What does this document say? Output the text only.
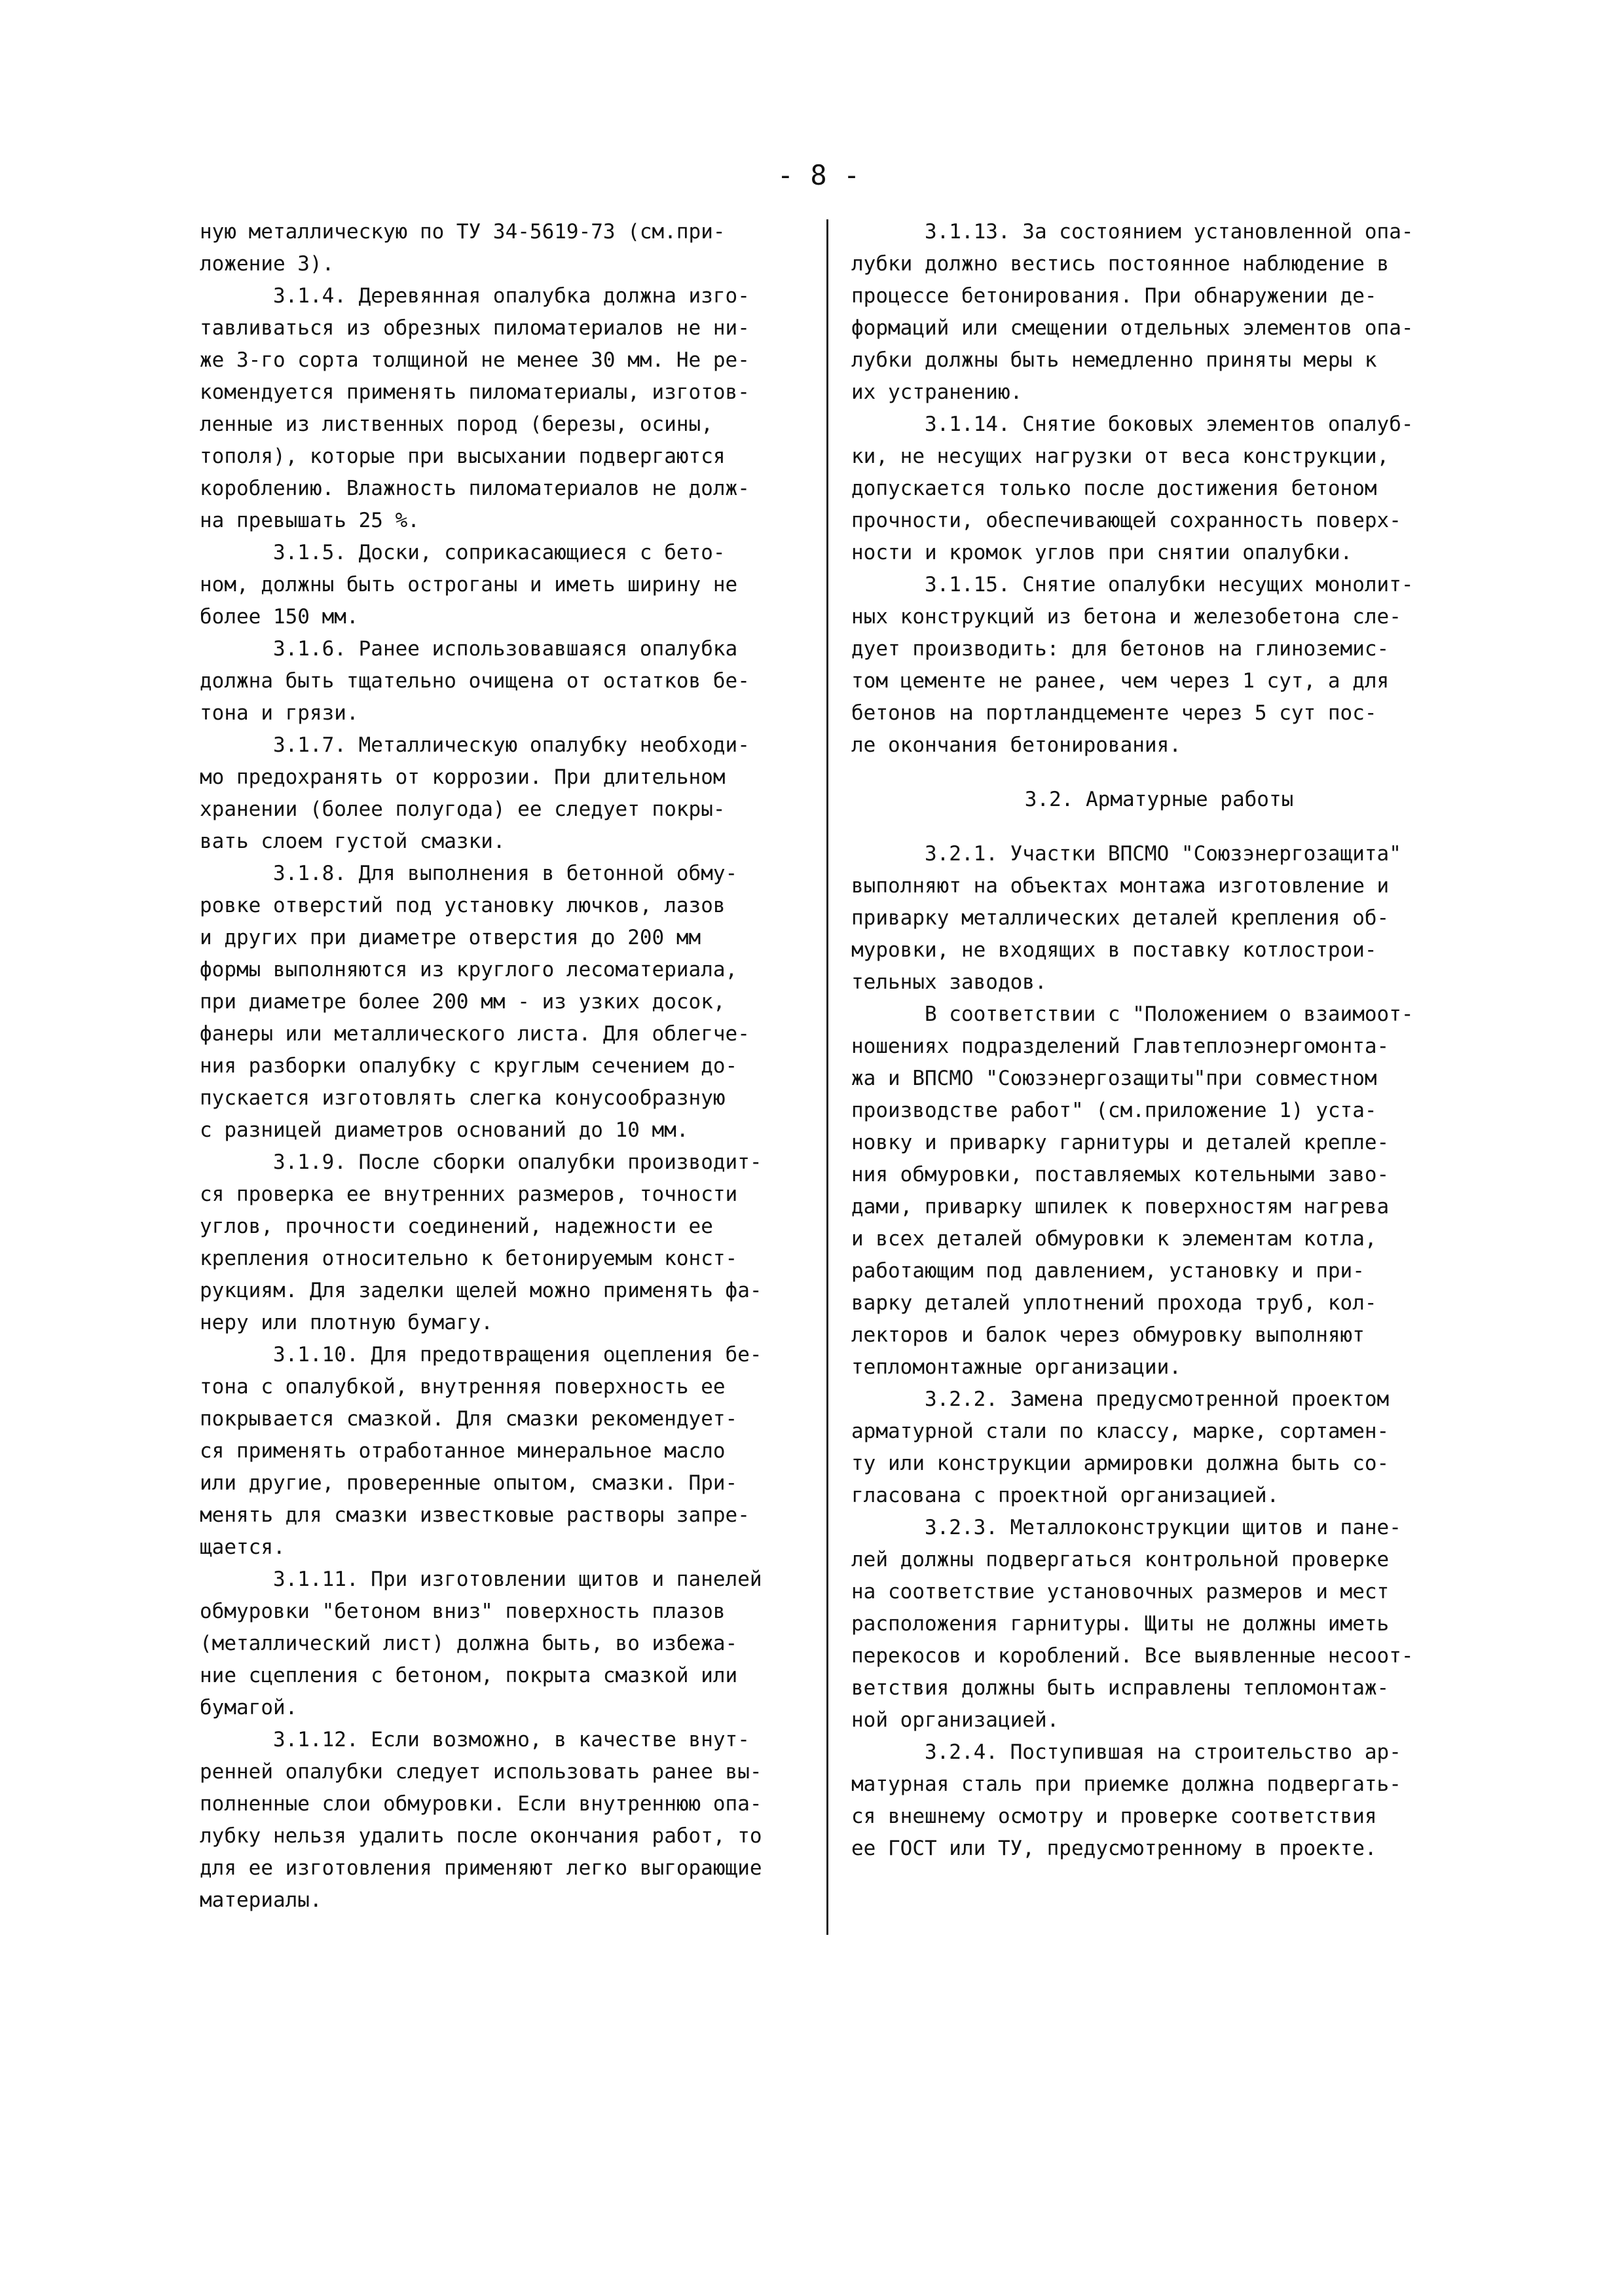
- 8 -

ную металлическую по ТУ 34-5619-73 (см.при-
ложение 3).

3.1.4. Деревянная опалубка должна изго-
тавливаться из обрезных пиломатериалов не ни-
же 3-го сорта толщиной не менее 30 мм. Не ре-
комендуется применять пиломатериалы, изготов-
ленные из лиственных пород (березы, осины,
тополя), которые при высыхании подвергаются
короблению. Влажность пиломатериалов не долж-
на превышать 25 %.

3.1.5. Доски, соприкасающиеся с бето-
ном, должны быть остроганы и иметь ширину не
более 150 мм.

3.1.6. Ранее использовавшаяся опалубка
должна быть тщательно очищена от остатков бе-
тона и грязи.

3.1.7. Металлическую опалубку необходи-
мо предохранять от коррозии. При длительном
хранении (более полугода) ее следует покры-
вать слоем густой смазки.

3.1.8. Для выполнения в бетонной обму-
ровке отверстий под установку лючков, лазов
и других при диаметре отверстия до 200 мм
формы выполняются из круглого лесоматериала,
при диаметре более 200 мм - из узких досок,
фанеры или металлического листа. Для облегче-
ния разборки опалубку с круглым сечением до-
пускается изготовлять слегка конусообразную
с разницей диаметров оснований до 10 мм.

3.1.9. После сборки опалубки производит-
ся проверка ее внутренних размеров, точности
углов, прочности соединений, надежности ее
крепления относительно к бетонируемым конст-
рукциям. Для заделки щелей можно применять фа-
неру или плотную бумагу.

3.1.10. Для предотвращения оцепления бе-
тона с опалубкой, внутренняя поверхность ее
покрывается смазкой. Для смазки рекомендует-
ся применять отработанное минеральное масло
или другие, проверенные опытом, смазки. При-
менять для смазки известковые растворы запре-
щается.

3.1.11. При изготовлении щитов и панелей
обмуровки "бетоном вниз" поверхность плазов
(металлический лист) должна быть, во избежа-
ние сцепления с бетоном, покрыта смазкой или
бумагой.

3.1.12. Если возможно, в качестве внут-
ренней опалубки следует использовать ранее вы-
полненные слои обмуровки. Если внутреннюю опа-
лубку нельзя удалить после окончания работ, то
для ее изготовления применяют легко выгорающие
материалы.

3.1.13. За состоянием установленной опа-
лубки должно вестись постоянное наблюдение в
процессе бетонирования. При обнаружении де-
формаций или смещении отдельных элементов опа-
лубки должны быть немедленно приняты меры к
их устранению.

3.1.14. Снятие боковых элементов опалуб-
ки, не несущих нагрузки от веса конструкции,
допускается только после достижения бетоном
прочности, обеспечивающей сохранность поверх-
ности и кромок углов при снятии опалубки.

3.1.15. Снятие опалубки несущих монолит-
ных конструкций из бетона и железобетона сле-
дует производить: для бетонов на глиноземис-
том цементе не ранее, чем через 1 сут, а для
бетонов на портландцементе через 5 сут пос-
ле окончания бетонирования.

3.2. Арматурные работы

3.2.1. Участки ВПСМО "Союзэнергозащита"
выполняют на объектах монтажа изготовление и
приварку металлических деталей крепления об-
муровки, не входящих в поставку котлострои-
тельных заводов.

В соответствии с "Положением о взаимоот-
ношениях подразделений Главтеплоэнергомонта-
жа и ВПСМО "Союзэнергозащиты"при совместном
производстве работ" (см.приложение 1) уста-
новку и приварку гарнитуры и деталей крепле-
ния обмуровки, поставляемых котельными заво-
дами, приварку шпилек к поверхностям нагрева
и всех деталей обмуровки к элементам котла,
работающим под давлением, установку и при-
варку деталей уплотнений прохода труб, кол-
лекторов и балок через обмуровку выполняют
тепломонтажные организации.

3.2.2. Замена предусмотренной проектом
арматурной стали по классу, марке, сортамен-
ту или конструкции армировки должна быть со-
гласована с проектной организацией.

3.2.3. Металлоконструкции щитов и пане-
лей должны подвергаться контрольной проверке
на соответствие установочных размеров и мест
расположения гарнитуры. Щиты не должны иметь
перекосов и короблений. Все выявленные несоот-
ветствия должны быть исправлены тепломонтаж-
ной организацией.

3.2.4. Поступившая на строительство ар-
матурная сталь при приемке должна подвергать-
ся внешнему осмотру и проверке соответствия
ее ГОСТ или ТУ, предусмотренному в проекте.
